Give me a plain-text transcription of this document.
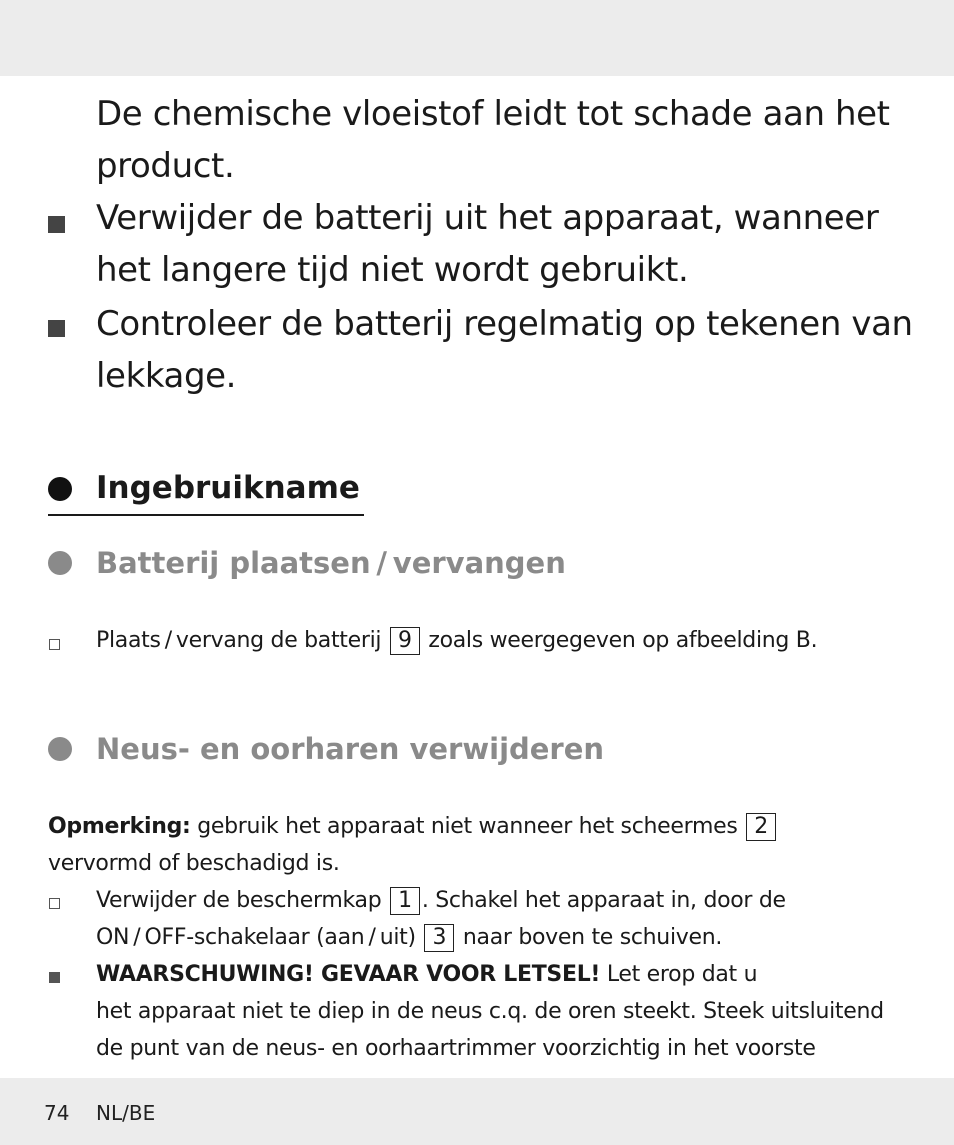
De chemische vloeistof leidt tot schade aan het
product.
Verwijder de batterij uit het apparaat, wanneer
het langere tijd niet wordt gebruikt.
Controleer de batterij regelmatig op tekenen van
lekkage.
Ingebruikname
Batterij plaatsen / vervangen
Plaats / vervang de batterij 9 zoals weergegeven op afbeelding B.
Neus- en oorharen verwijderen
Opmerking: gebruik het apparaat niet wanneer het scheermes 2
vervormd of beschadigd is.
Verwijder de beschermkap 1 . Schakel het apparaat in, door de
ON / OFF-schakelaar (aan / uit) 3 naar boven te schuiven.
WAARSCHUWING! GEVAAR VOOR LETSEL! Let erop dat u
het apparaat niet te diep in de neus c.q. de oren steekt. Steek uitsluitend
de punt van de neus- en oorhaartrimmer voorzichtig in het voorste
74 NL/BE
